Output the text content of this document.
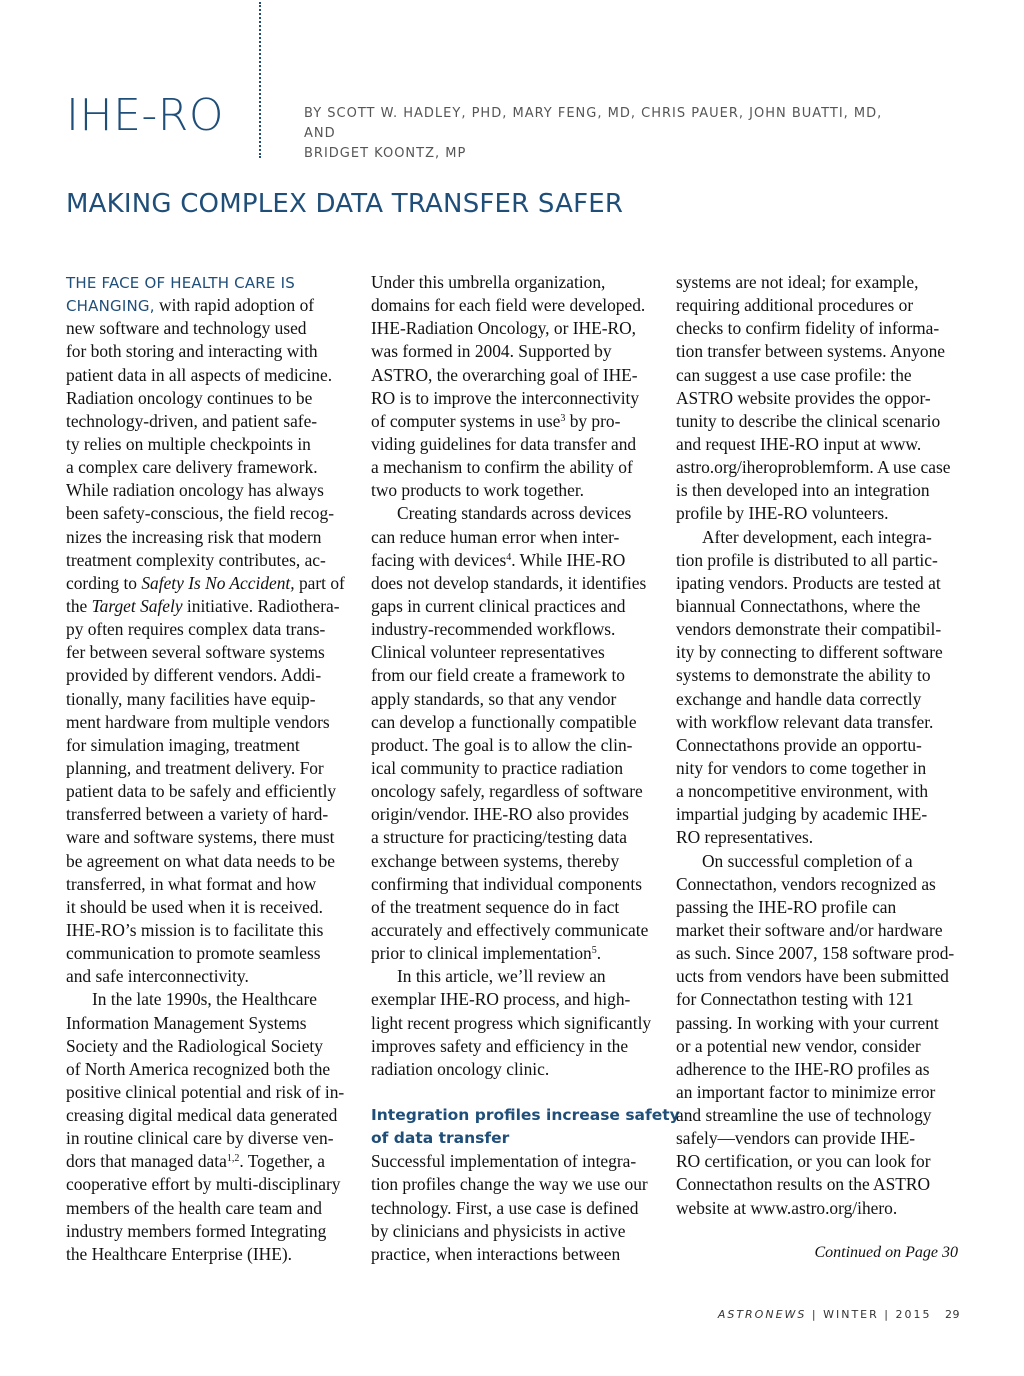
IHE-RO	BY SCOTT W. HADLEY, PHD, MARY FENG, MD, CHRIS PAUER, JOHN BUATTI, MD, AND
BRIDGET KOONTZ, MP
MAKING COMPLEX DATA TRANSFER SAFER
THE FACE OF HEALTH CARE IS
CHANGING, with rapid adoption of
new software and technology used
for both storing and interacting with
patient data in all aspects of medicine.
Radiation oncology continues to be
technology-driven, and patient safe-
ty relies on multiple checkpoints in
a complex care delivery framework.
While radiation oncology has always
been safety-conscious, the field recog-
nizes the increasing risk that modern
treatment complexity contributes, ac-
cording to Safety Is No Accident, part of
the Target Safely initiative. Radiothera-
py often requires complex data trans-
fer between several software systems
provided by different vendors. Addi-
tionally, many facilities have equip-
ment hardware from multiple vendors
for simulation imaging, treatment
planning, and treatment delivery. For
patient data to be safely and efficiently
transferred between a variety of hard-
ware and software systems, there must
be agreement on what data needs to be
transferred, in what format and how
it should be used when it is received.
IHE-RO’s mission is to facilitate this
communication to promote seamless
and safe interconnectivity.
In the late 1990s, the Healthcare
Information Management Systems
Society and the Radiological Society
of North America recognized both the
positive clinical potential and risk of in-
creasing digital medical data generated
in routine clinical care by diverse ven-
dors that managed data$^{1,2}$. Together, a
cooperative effort by multi-disciplinary
members of the health care team and
industry members formed Integrating
the Healthcare Enterprise (IHE).
Under this umbrella organization,
domains for each field were developed.
IHE-Radiation Oncology, or IHE-RO,
was formed in 2004. Supported by
ASTRO, the overarching goal of IHE-
RO is to improve the interconnectivity
of computer systems in use$^3$ by pro-
viding guidelines for data transfer and
a mechanism to confirm the ability of
two products to work together.
Creating standards across devices
can reduce human error when inter-
facing with devices$^4$. While IHE-RO
does not develop standards, it identifies
gaps in current clinical practices and
industry-recommended workflows.
Clinical volunteer representatives
from our field create a framework to
apply standards, so that any vendor
can develop a functionally compatible
product. The goal is to allow the clin-
ical community to practice radiation
oncology safely, regardless of software
origin/vendor. IHE-RO also provides
a structure for practicing/testing data
exchange between systems, thereby
confirming that individual components
of the treatment sequence do in fact
accurately and effectively communicate
prior to clinical implementation$^5$.
In this article, we’ll review an
exemplar IHE-RO process, and high-
light recent progress which significantly
improves safety and efficiency in the
radiation oncology clinic.
Integration profiles increase safety
of data transfer
Successful implementation of integra-
tion profiles change the way we use our
technology. First, a use case is defined
by clinicians and physicists in active
practice, when interactions between
systems are not ideal; for example,
requiring additional procedures or
checks to confirm fidelity of informa-
tion transfer between systems. Anyone
can suggest a use case profile: the
ASTRO website provides the oppor-
tunity to describe the clinical scenario
and request IHE-RO input at www.
astro.org/iheroproblemform. A use case
is then developed into an integration
profile by IHE-RO volunteers.
After development, each integra-
tion profile is distributed to all partic-
ipating vendors. Products are tested at
biannual Connectathons, where the
vendors demonstrate their compatibil-
ity by connecting to different software
systems to demonstrate the ability to
exchange and handle data correctly
with workflow relevant data transfer.
Connectathons provide an opportu-
nity for vendors to come together in
a noncompetitive environment, with
impartial judging by academic IHE-
RO representatives.
On successful completion of a
Connectathon, vendors recognized as
passing the IHE-RO profile can
market their software and/or hardware
as such. Since 2007, 158 software prod-
ucts from vendors have been submitted
for Connectathon testing with 121
passing. In working with your current
or a potential new vendor, consider
adherence to the IHE-RO profiles as
an important factor to minimize error
and streamline the use of technology
safely—vendors can provide IHE-
RO certification, or you can look for
Connectathon results on the ASTRO
website at www.astro.org/ihero.
Continued on Page 30
ASTRONEWS | WINTER | 2015 29
